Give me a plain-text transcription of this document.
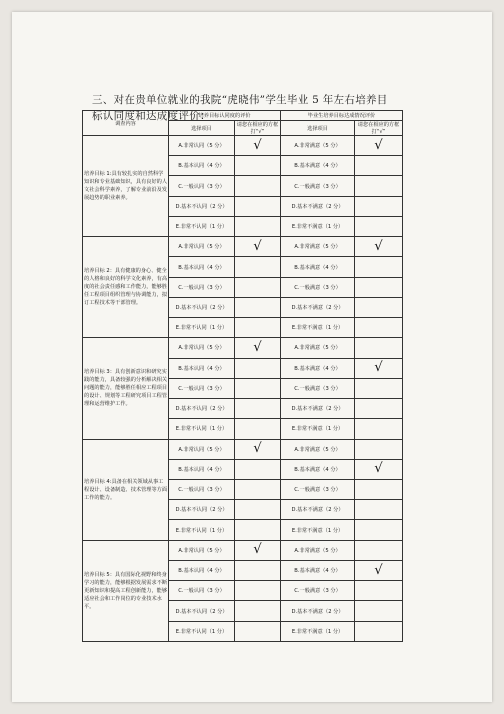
三、对在贵单位就业的我院“虎晓伟”学生毕业 5 年左右培养目
标认同度和达成度评价：
调查内容	培养目标认同度的评价		毕业生培养目标达成情况评价	
	选择项目	请您在相应的方框打“√”	选择项目	请您在相应的方框打“√”
培养目标 1:具有较扎实的自然科学知识和专业基础知识，具有良好的人文社会科学素养，了解专业前沿及发展趋势的职业素养。	A.非常认同（5 分）	√	A.非常满意（5 分）	√
	B.基本认同（4 分）		B.基本满意（4 分）	
	C.一般认同（3 分）		C.一般满意（3 分）	
	D.基本不认同（2 分）		D.基本不满意（2 分）	
	E.非常不认同（1 分）		E.非常不满意（1 分）	
培养目标 2：具有健康的身心、健全的人格和良好的科学文化素养，有高度的社会责任感和工作能力，能够胜任工程项目组织管理与协调能力，拟订工程技术等干部管理。	A.非常认同（5 分）	√	A.非常满意（5 分）	√
	B.基本认同（4 分）		B.基本满意（4 分）	
	C.一般认同（3 分）		C.一般满意（3 分）	
	D.基本不认同（2 分）		D.基本不满意（2 分）	
	E.非常不认同（1 分）		E.非常不满意（1 分）	
培养目标 3：具有创新意识和研究实践的能力，具备较强的分析解决相关问题的能力，能够胜任相应工程项目的设计、规划等工程研究项目工程管理和运营维护工作。	A.非常认同（5 分）	√	A.非常满意（5 分）	
	B.基本认同（4 分）		B.基本满意（4 分）	√
	C.一般认同（3 分）		C.一般满意（3 分）	
	D.基本不认同（2 分）		D.基本不满意（2 分）	
	E.非常不认同（1 分）		E.非常不满意（1 分）	
培养目标 4:具备在相关领域从事工程设计、设备制造、技术管理等方面工作的能力。	A.非常认同（5 分）	√	A.非常满意（5 分）	
	B.基本认同（4 分）		B.基本满意（4 分）	√
	C.一般认同（3 分）		C.一般满意（3 分）	
	D.基本不认同（2 分）		D.基本不满意（2 分）	
	E.非常不认同（1 分）		E.非常不满意（1 分）	
培养目标 5：具有国际化视野和终身学习的能力，能够根据发展需求不断更新知识和提高工程创新能力，能够适应社会和工作岗位的专业技术水平。	A.非常认同（5 分）	√	A.非常满意（5 分）	
	B.基本认同（4 分）		B.基本满意（4 分）	√
	C.一般认同（3 分）		C.一般满意（3 分）	
	D.基本不认同（2 分）		D.基本不满意（2 分）	
	E.非常不认同（1 分）		E.非常不满意（1 分）	
